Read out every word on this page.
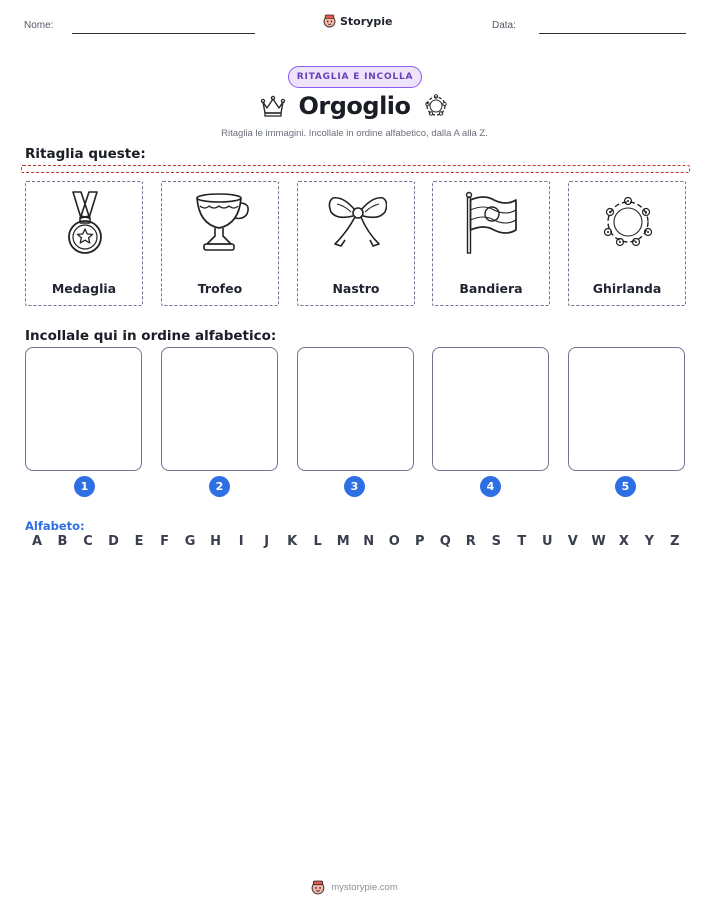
Nome:	Storypie	Data:
RITAGLIA E INCOLLA
Orgoglio
Ritaglia le immagini. Incollale in ordine alfabetico, dalla A alla Z.
Ritaglia queste:
Medaglia	Trofeo	Nastro	Bandiera	Ghirlanda
Incollale qui in ordine alfabetico:
1	2	3	4	5
Alfabeto:
A B C D E F G H	I	J	K L M N O P Q R S T U V W X Y Z
mystorypie.com
